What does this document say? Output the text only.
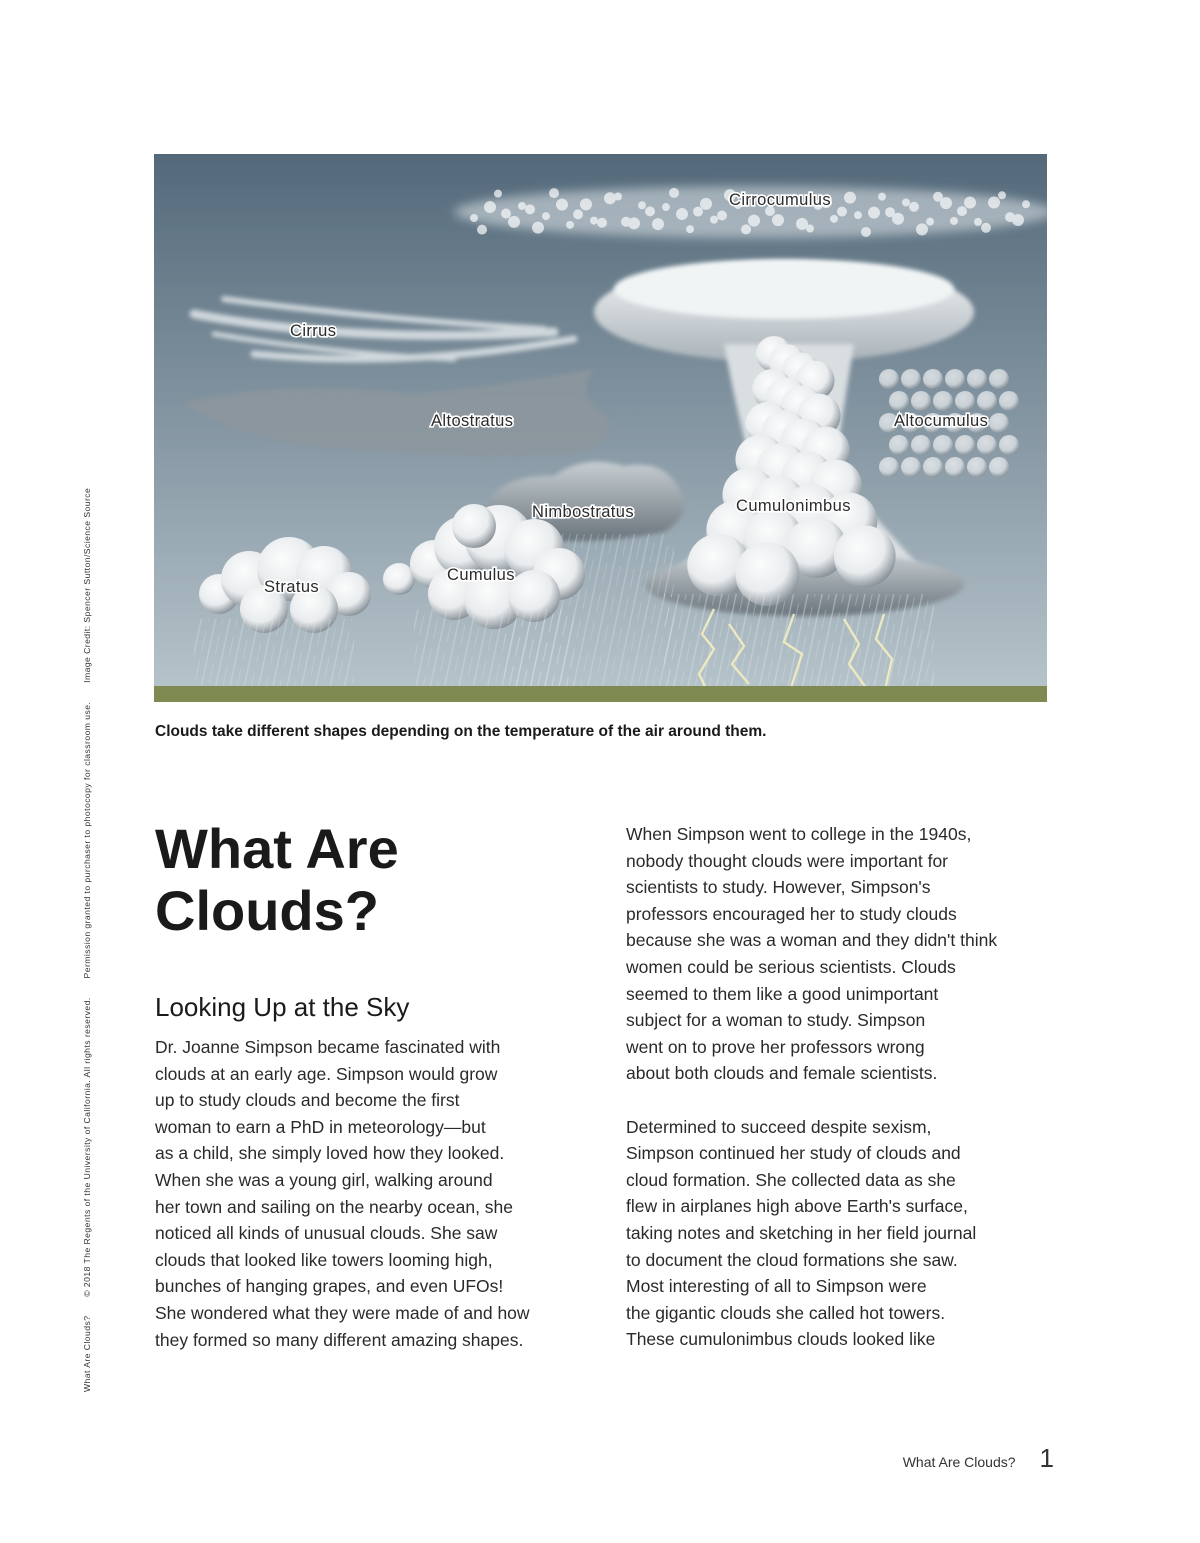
What Are Clouds? © 2018 The Regents of the University of California. All rights reserved. Permission granted to purchaser to photocopy for classroom use. Image Credit: Spencer Sutton/Science Source
Cirrocumulus
Cirrus
Altostratus	Altocumulus
Nimbostratus	Cumulonimbus
Stratus
Cumulus
Clouds take different shapes depending on the temperature of the air around them.
What Are
Clouds?
Looking Up at the Sky

Dr. Joanne Simpson became fascinated with
clouds at an early age. Simpson would grow
up to study clouds and become the first
woman to earn a PhD in meteorology—but
as a child, she simply loved how they looked.
When she was a young girl, walking around
her town and sailing on the nearby ocean, she
noticed all kinds of unusual clouds. She saw
clouds that looked like towers looming high,
bunches of hanging grapes, and even UFOs!
She wondered what they were made of and how
they formed so many different amazing shapes.

When Simpson went to college in the 1940s,
nobody thought clouds were important for
scientists to study. However, Simpson's
professors encouraged her to study clouds
because she was a woman and they didn't think
women could be serious scientists. Clouds
seemed to them like a good unimportant
subject for a woman to study. Simpson
went on to prove her professors wrong
about both clouds and female scientists.

Determined to succeed despite sexism,
Simpson continued her study of clouds and
cloud formation. She collected data as she
flew in airplanes high above Earth's surface,
taking notes and sketching in her field journal
to document the cloud formations she saw.
Most interesting of all to Simpson were
the gigantic clouds she called hot towers.
These cumulonimbus clouds looked like

What Are Clouds? 1
